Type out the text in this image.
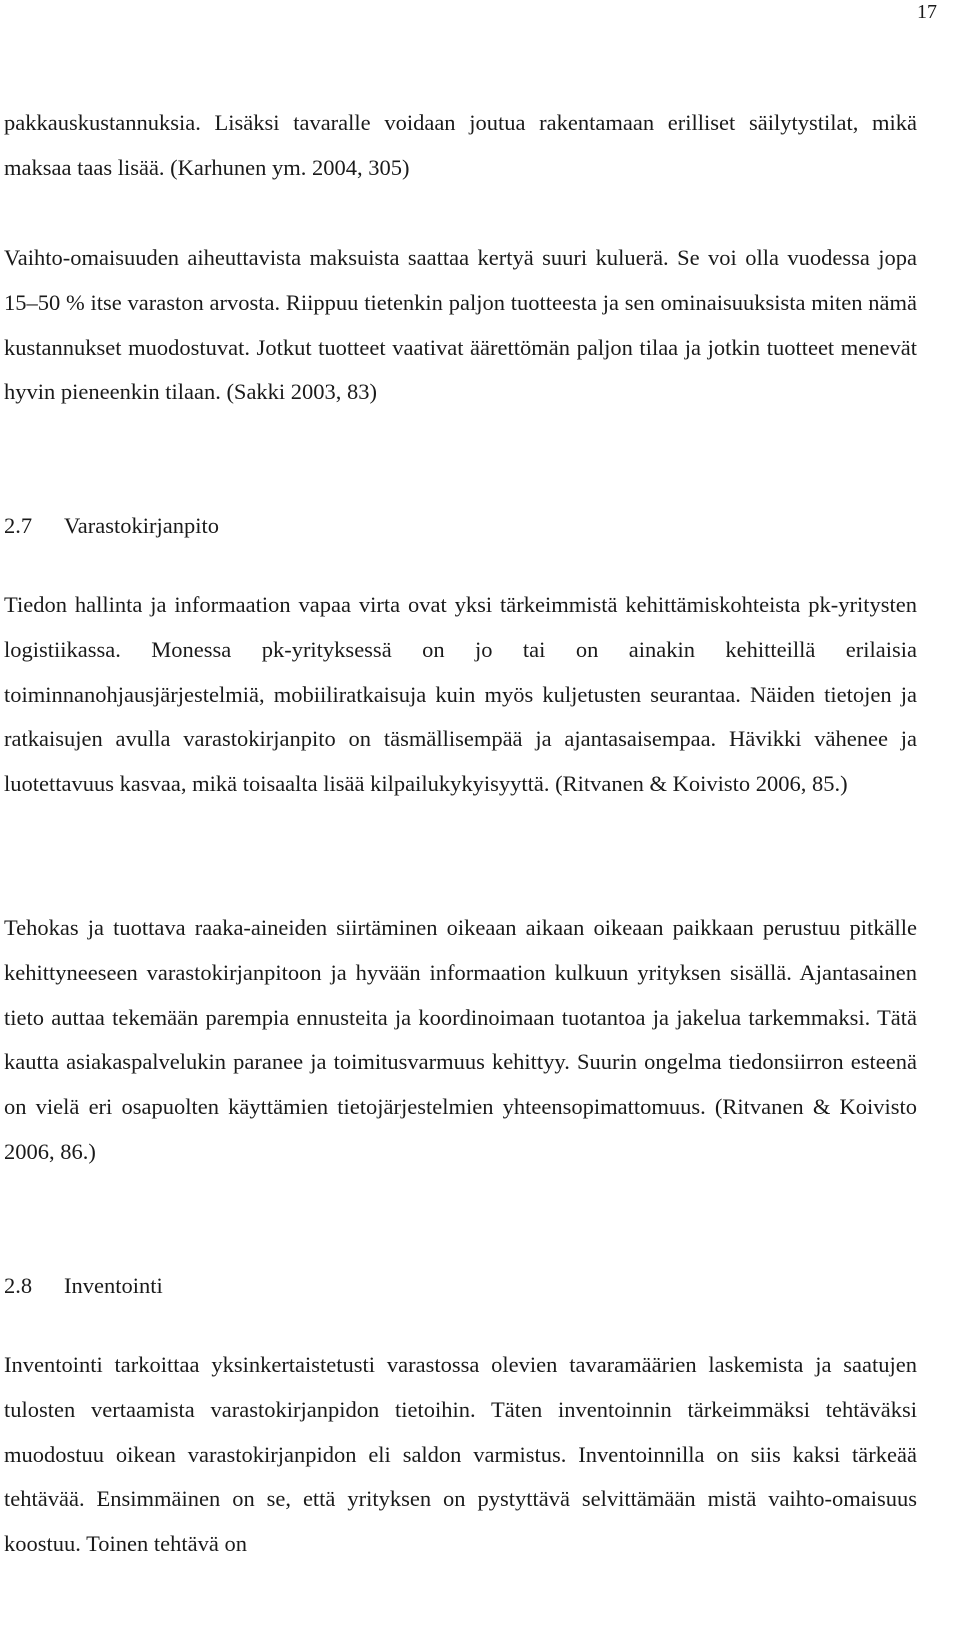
17

pakkauskustannuksia. Lisäksi tavaralle voidaan joutua rakentamaan erilliset säilytystilat, mikä maksaa taas lisää. (Karhunen ym. 2004, 305)

Vaihto-omaisuuden aiheuttavista maksuista saattaa kertyä suuri kuluerä. Se voi olla vuodessa jopa 15–50 % itse varaston arvosta. Riippuu tietenkin paljon tuotteesta ja sen ominaisuuksista miten nämä kustannukset muodostuvat. Jotkut tuotteet vaativat äärettömän paljon tilaa ja jotkin tuotteet menevät hyvin pieneenkin tilaan. (Sakki 2003, 83)

2.7 Varastokirjanpito

Tiedon hallinta ja informaation vapaa virta ovat yksi tärkeimmistä kehittämiskohteista pk-yritysten logistiikassa. Monessa pk-yrityksessä on jo tai on ainakin kehitteillä erilaisia toiminnanohjausjärjestelmiä, mobiiliratkaisuja kuin myös kuljetusten seurantaa. Näiden tietojen ja ratkaisujen avulla varastokirjanpito on täsmällisempää ja ajantasaisempaa. Hävikki vähenee ja luotettavuus kasvaa, mikä toisaalta lisää kilpailukykyisyyttä. (Ritvanen & Koivisto 2006, 85.)

Tehokas ja tuottava raaka-aineiden siirtäminen oikeaan aikaan oikeaan paikkaan perustuu pitkälle kehittyneeseen varastokirjanpitoon ja hyvään informaation kulkuun yrityksen sisällä. Ajantasainen tieto auttaa tekemään parempia ennusteita ja koordinoimaan tuotantoa ja jakelua tarkemmaksi. Tätä kautta asiakaspalvelukin paranee ja toimitusvarmuus kehittyy. Suurin ongelma tiedonsiirron esteenä on vielä eri osapuolten käyttämien tietojärjestelmien yhteensopimattomuus. (Ritvanen & Koivisto 2006, 86.)

2.8 Inventointi

Inventointi tarkoittaa yksinkertaistetusti varastossa olevien tavaramäärien laskemista ja saatujen tulosten vertaamista varastokirjanpidon tietoihin. Täten inventoinnin tärkeimmäksi tehtäväksi muodostuu oikean varastokirjanpidon eli saldon varmistus. Inventoinnilla on siis kaksi tärkeää tehtävää. Ensimmäinen on se, että yrityksen on pystyttävä selvittämään mistä vaihto-omaisuus koostuu. Toinen tehtävä on
